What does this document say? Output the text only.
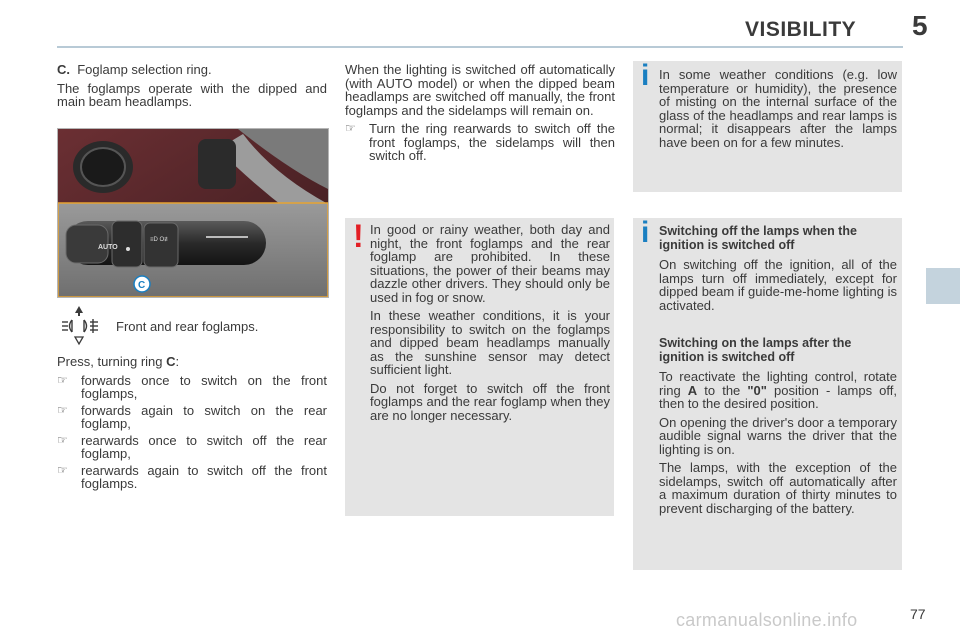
VISIBILITY 5

C. Foglamp selection ring.

The foglamps operate with the dipped and main beam headlamps.

AUTO
≡D O≢
C
Front and rear foglamps.

Press, turning ring C:

☞	forwards once to switch on the front foglamps,
☞	forwards again to switch on the rear foglamp,
☞	rearwards once to switch off the rear foglamp,
☞	rearwards again to switch off the front foglamps.

When the lighting is switched off automatically (with AUTO model) or when the dipped beam headlamps are switched off manually, the front foglamps and the sidelamps will remain on.

☞	Turn the ring rearwards to switch off the front foglamps, the sidelamps will then switch off.
! In good or rainy weather, both day and night, the front foglamps and the rear foglamp are prohibited. In these situations, the power of their beams may dazzle other drivers. They should only be used in fog or snow.

In these weather conditions, it is your responsibility to switch on the foglamps and dipped beam headlamps manually as the sunshine sensor may detect sufficient light.

Do not forget to switch off the front foglamps and the rear foglamp when they are no longer necessary.

i In some weather conditions (e.g. low temperature or humidity), the presence of misting on the internal surface of the glass of the headlamps and rear lamps is normal; it disappears after the lamps have been on for a few minutes.

i Switching off the lamps when the ignition is switched off

On switching off the ignition, all of the lamps turn off immediately, except for dipped beam if guide-me-home lighting is activated.

Switching on the lamps after the ignition is switched off

To reactivate the lighting control, rotate ring A to the "0" position - lamps off, then to the desired position.

On opening the driver's door a temporary audible signal warns the driver that the lighting is on.

The lamps, with the exception of the sidelamps, switch off automatically after a maximum duration of thirty minutes to prevent discharging of the battery.

carmanualsonline.info	77
